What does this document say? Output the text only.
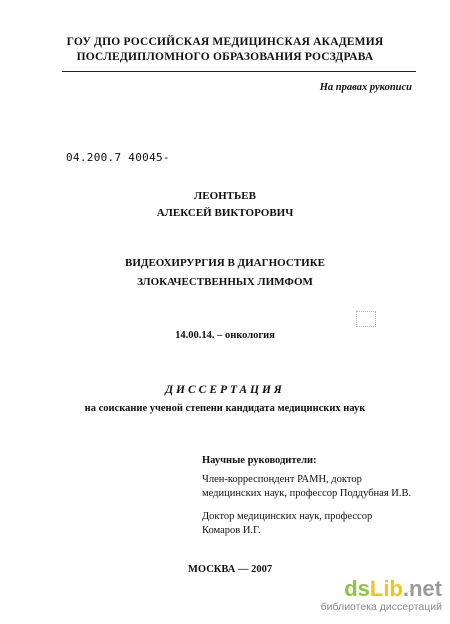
ГОУ ДПО РОССИЙСКАЯ МЕДИЦИНСКАЯ АКАДЕМИЯ
ПОСЛЕДИПЛОМНОГО ОБРАЗОВАНИЯ РОСЗДРАВА
На правах рукописи
04.200.7 40045-
ЛЕОНТЬЕВ
АЛЕКСЕЙ ВИКТОРОВИЧ
ВИДЕОХИРУРГИЯ В ДИАГНОСТИКЕ
ЗЛОКАЧЕСТВЕННЫХ ЛИМФОМ
14.00.14. – онкология
ДИССЕРТАЦИЯ
на соискание ученой степени кандидата медицинских наук
Научные руководители:
Член-корреспондент РАМН, доктор
медицинских наук, профессор Поддубная И.В.
Доктор медицинских наук, профессор
Комаров И.Г.
МОСКВА — 2007
dsLib.net
библиотека диссертаций
